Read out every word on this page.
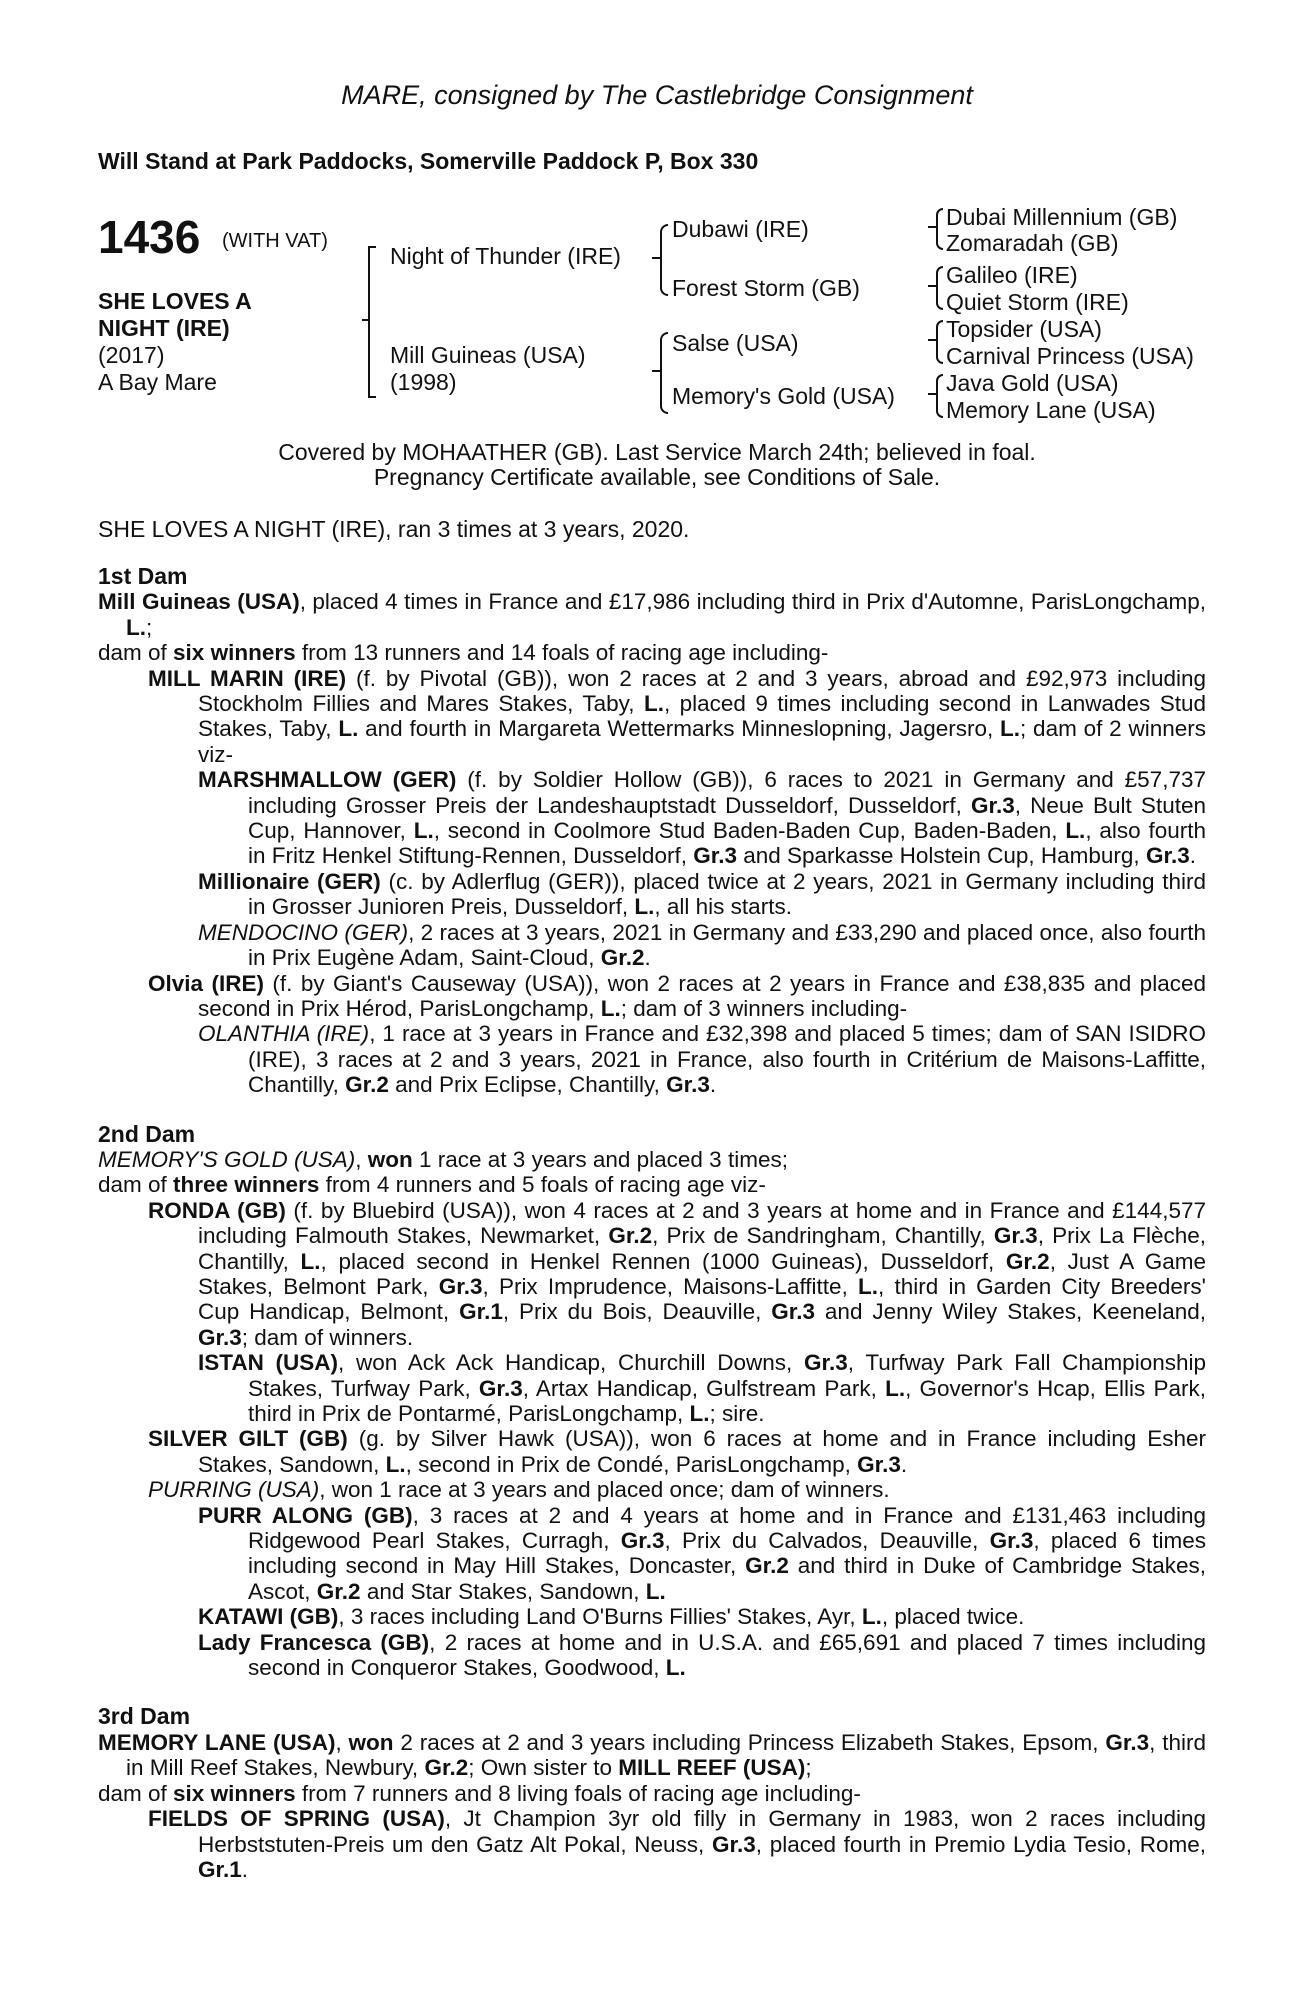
MARE, consigned by The Castlebridge Consignment
Will Stand at Park Paddocks, Somerville Paddock P, Box 330
1436 (WITH VAT)
SHE LOVES A
NIGHT (IRE)
(2017)
A Bay Mare
Night of Thunder (IRE)
Mill Guineas (USA)
(1998)
Dubawi (IRE)
Forest Storm (GB)
Salse (USA)
Memory's Gold (USA)
Dubai Millennium (GB)
Zomaradah (GB)
Galileo (IRE)
Quiet Storm (IRE)
Topsider (USA)
Carnival Princess (USA)
Java Gold (USA)
Memory Lane (USA)
Covered by MOHAATHER (GB). Last Service March 24th; believed in foal.
Pregnancy Certificate available, see Conditions of Sale.
SHE LOVES A NIGHT (IRE), ran 3 times at 3 years, 2020.
1st Dam
Mill Guineas (USA), placed 4 times in France and £17,986 including third in Prix d'Automne, ParisLongchamp, L.;
dam of six winners from 13 runners and 14 foals of racing age including-
MILL MARIN (IRE) (f. by Pivotal (GB)), won 2 races at 2 and 3 years, abroad and £92,973 including Stockholm Fillies and Mares Stakes, Taby, L., placed 9 times including second in Lanwades Stud Stakes, Taby, L. and fourth in Margareta Wettermarks Minneslopning, Jagersro, L.; dam of 2 winners viz-
MARSHMALLOW (GER) (f. by Soldier Hollow (GB)), 6 races to 2021 in Germany and £57,737 including Grosser Preis der Landeshauptstadt Dusseldorf, Dusseldorf, Gr.3, Neue Bult Stuten Cup, Hannover, L., second in Coolmore Stud Baden-Baden Cup, Baden-Baden, L., also fourth in Fritz Henkel Stiftung-Rennen, Dusseldorf, Gr.3 and Sparkasse Holstein Cup, Hamburg, Gr.3.
Millionaire (GER) (c. by Adlerflug (GER)), placed twice at 2 years, 2021 in Germany including third in Grosser Junioren Preis, Dusseldorf, L., all his starts.
MENDOCINO (GER), 2 races at 3 years, 2021 in Germany and £33,290 and placed once, also fourth in Prix Eugène Adam, Saint-Cloud, Gr.2.
Olvia (IRE) (f. by Giant's Causeway (USA)), won 2 races at 2 years in France and £38,835 and placed second in Prix Hérod, ParisLongchamp, L.; dam of 3 winners including-
OLANTHIA (IRE), 1 race at 3 years in France and £32,398 and placed 5 times; dam of SAN ISIDRO (IRE), 3 races at 2 and 3 years, 2021 in France, also fourth in Critérium de Maisons-Laffitte, Chantilly, Gr.2 and Prix Eclipse, Chantilly, Gr.3.
2nd Dam
MEMORY'S GOLD (USA), won 1 race at 3 years and placed 3 times;
dam of three winners from 4 runners and 5 foals of racing age viz-
RONDA (GB) (f. by Bluebird (USA)), won 4 races at 2 and 3 years at home and in France and £144,577 including Falmouth Stakes, Newmarket, Gr.2, Prix de Sandringham, Chantilly, Gr.3, Prix La Flèche, Chantilly, L., placed second in Henkel Rennen (1000 Guineas), Dusseldorf, Gr.2, Just A Game Stakes, Belmont Park, Gr.3, Prix Imprudence, Maisons-Laffitte, L., third in Garden City Breeders' Cup Handicap, Belmont, Gr.1, Prix du Bois, Deauville, Gr.3 and Jenny Wiley Stakes, Keeneland, Gr.3; dam of winners.
ISTAN (USA), won Ack Ack Handicap, Churchill Downs, Gr.3, Turfway Park Fall Championship Stakes, Turfway Park, Gr.3, Artax Handicap, Gulfstream Park, L., Governor's Hcap, Ellis Park, third in Prix de Pontarmé, ParisLongchamp, L.; sire.
SILVER GILT (GB) (g. by Silver Hawk (USA)), won 6 races at home and in France including Esher Stakes, Sandown, L., second in Prix de Condé, ParisLongchamp, Gr.3.
PURRING (USA), won 1 race at 3 years and placed once; dam of winners.
PURR ALONG (GB), 3 races at 2 and 4 years at home and in France and £131,463 including Ridgewood Pearl Stakes, Curragh, Gr.3, Prix du Calvados, Deauville, Gr.3, placed 6 times including second in May Hill Stakes, Doncaster, Gr.2 and third in Duke of Cambridge Stakes, Ascot, Gr.2 and Star Stakes, Sandown, L.
KATAWI (GB), 3 races including Land O'Burns Fillies' Stakes, Ayr, L., placed twice.
Lady Francesca (GB), 2 races at home and in U.S.A. and £65,691 and placed 7 times including second in Conqueror Stakes, Goodwood, L.
3rd Dam
MEMORY LANE (USA), won 2 races at 2 and 3 years including Princess Elizabeth Stakes, Epsom, Gr.3, third in Mill Reef Stakes, Newbury, Gr.2; Own sister to MILL REEF (USA);
dam of six winners from 7 runners and 8 living foals of racing age including-
FIELDS OF SPRING (USA), Jt Champion 3yr old filly in Germany in 1983, won 2 races including Herbststuten-Preis um den Gatz Alt Pokal, Neuss, Gr.3, placed fourth in Premio Lydia Tesio, Rome, Gr.1.
